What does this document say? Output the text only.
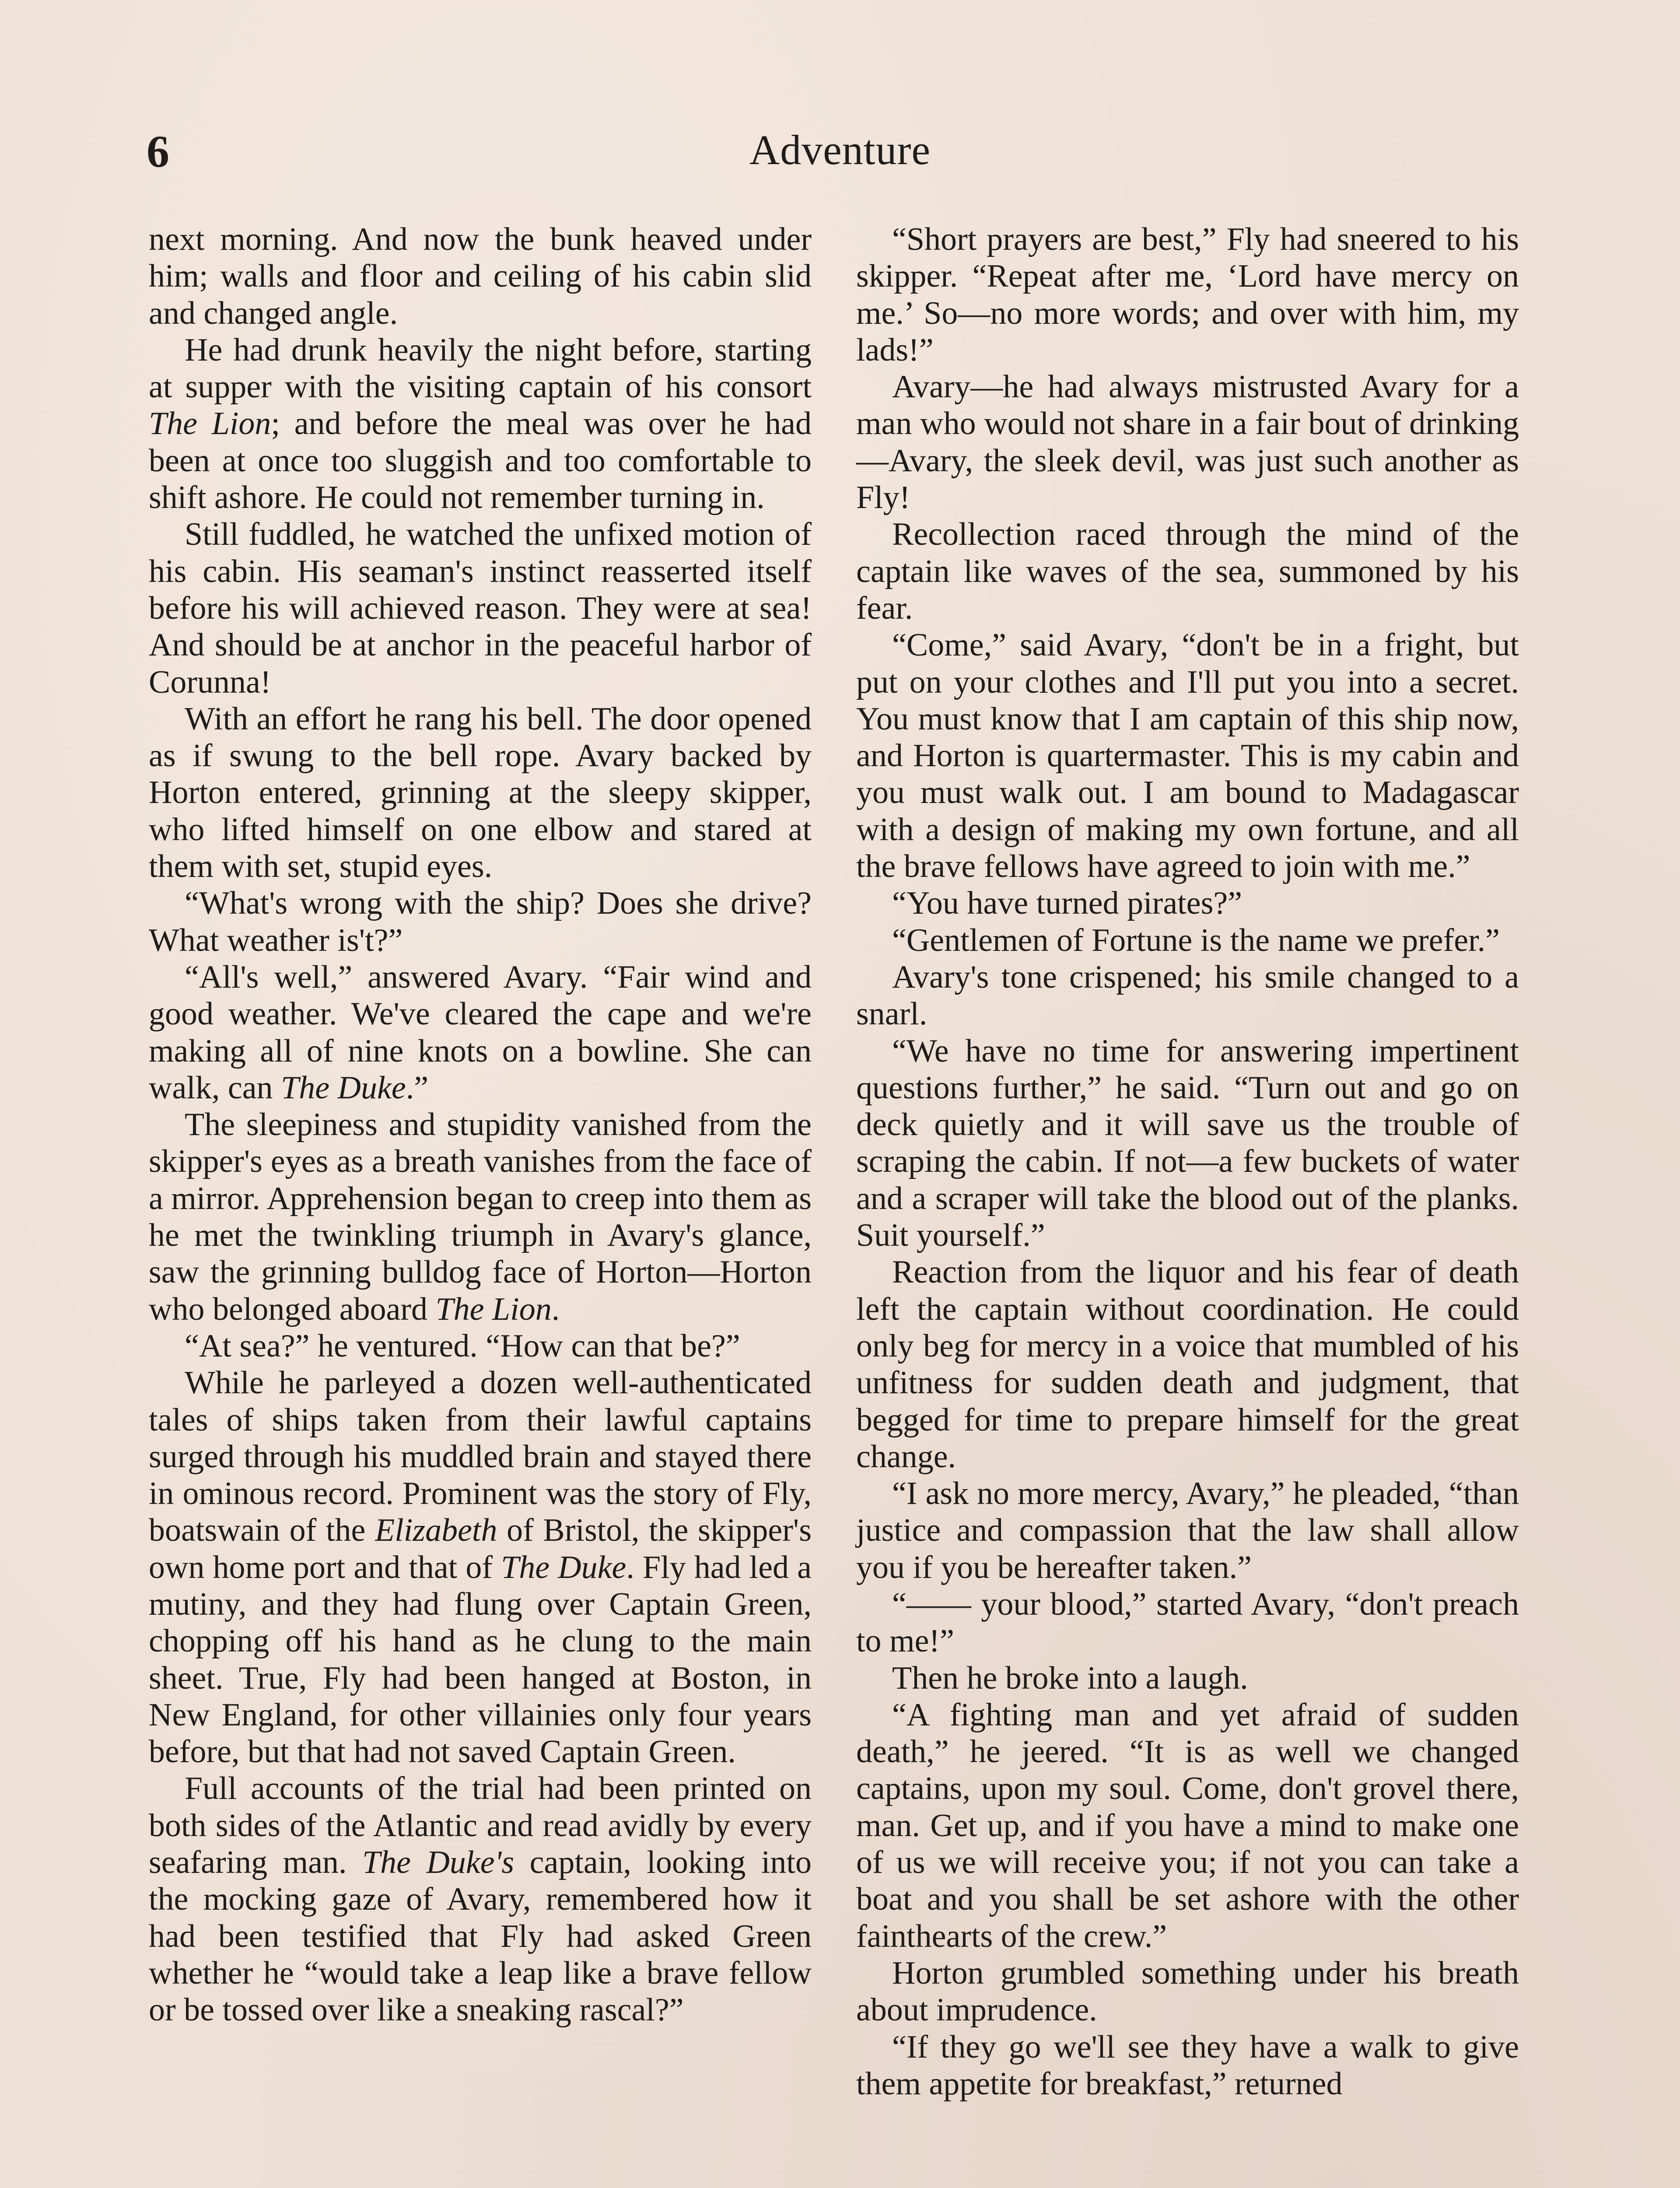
6	Adventure

next morning. And now the bunk heaved under him; walls and floor and ceiling of his cabin slid and changed angle.

He had drunk heavily the night before, starting at supper with the visiting captain of his consort The Lion; and before the meal was over he had been at once too sluggish and too comfortable to shift ashore. He could not remember turning in.

Still fuddled, he watched the unfixed motion of his cabin. His seaman's instinct reasserted itself before his will achieved reason. They were at sea! And should be at anchor in the peaceful harbor of Corunna!

With an effort he rang his bell. The door opened as if swung to the bell rope. Avary backed by Horton entered, grinning at the sleepy skipper, who lifted himself on one elbow and stared at them with set, stupid eyes.

“What's wrong with the ship? Does she drive? What weather is't?”

“All's well,” answered Avary. “Fair wind and good weather. We've cleared the cape and we're making all of nine knots on a bowline. She can walk, can The Duke.”

The sleepiness and stupidity vanished from the skipper's eyes as a breath vanishes from the face of a mirror. Apprehension began to creep into them as he met the twinkling triumph in Avary's glance, saw the grinning bulldog face of Horton—Horton who belonged aboard The Lion.

“At sea?” he ventured. “How can that be?”

While he parleyed a dozen well-authenticated tales of ships taken from their lawful captains surged through his muddled brain and stayed there in ominous record. Prominent was the story of Fly, boatswain of the Elizabeth of Bristol, the skipper's own home port and that of The Duke. Fly had led a mutiny, and they had flung over Captain Green, chopping off his hand as he clung to the main sheet. True, Fly had been hanged at Boston, in New England, for other villainies only four years before, but that had not saved Captain Green.

Full accounts of the trial had been printed on both sides of the Atlantic and read avidly by every seafaring man. The Duke's captain, looking into the mocking gaze of Avary, remembered how it had been testified that Fly had asked Green whether he “would take a leap like a brave fellow or be tossed over like a sneaking rascal?”

“Short prayers are best,” Fly had sneered to his skipper. “Repeat after me, ‘Lord have mercy on me.’ So—no more words; and over with him, my lads!”

Avary—he had always mistrusted Avary for a man who would not share in a fair bout of drinking—Avary, the sleek devil, was just such another as Fly!

Recollection raced through the mind of the captain like waves of the sea, summoned by his fear.

“Come,” said Avary, “don't be in a fright, but put on your clothes and I'll put you into a secret. You must know that I am captain of this ship now, and Horton is quartermaster. This is my cabin and you must walk out. I am bound to Madagascar with a design of making my own fortune, and all the brave fellows have agreed to join with me.”

“You have turned pirates?”

“Gentlemen of Fortune is the name we prefer.”

Avary's tone crispened; his smile changed to a snarl.

“We have no time for answering impertinent questions further,” he said. “Turn out and go on deck quietly and it will save us the trouble of scraping the cabin. If not—a few buckets of water and a scraper will take the blood out of the planks. Suit yourself.”

Reaction from the liquor and his fear of death left the captain without coordination. He could only beg for mercy in a voice that mumbled of his unfitness for sudden death and judgment, that begged for time to prepare himself for the great change.

“I ask no more mercy, Avary,” he pleaded, “than justice and compassion that the law shall allow you if you be hereafter taken.”

“—— your blood,” started Avary, “don't preach to me!”

Then he broke into a laugh.

“A fighting man and yet afraid of sudden death,” he jeered. “It is as well we changed captains, upon my soul. Come, don't grovel there, man. Get up, and if you have a mind to make one of us we will receive you; if not you can take a boat and you shall be set ashore with the other fainthearts of the crew.”

Horton grumbled something under his breath about imprudence.

“If they go we'll see they have a walk to give them appetite for breakfast,” returned
